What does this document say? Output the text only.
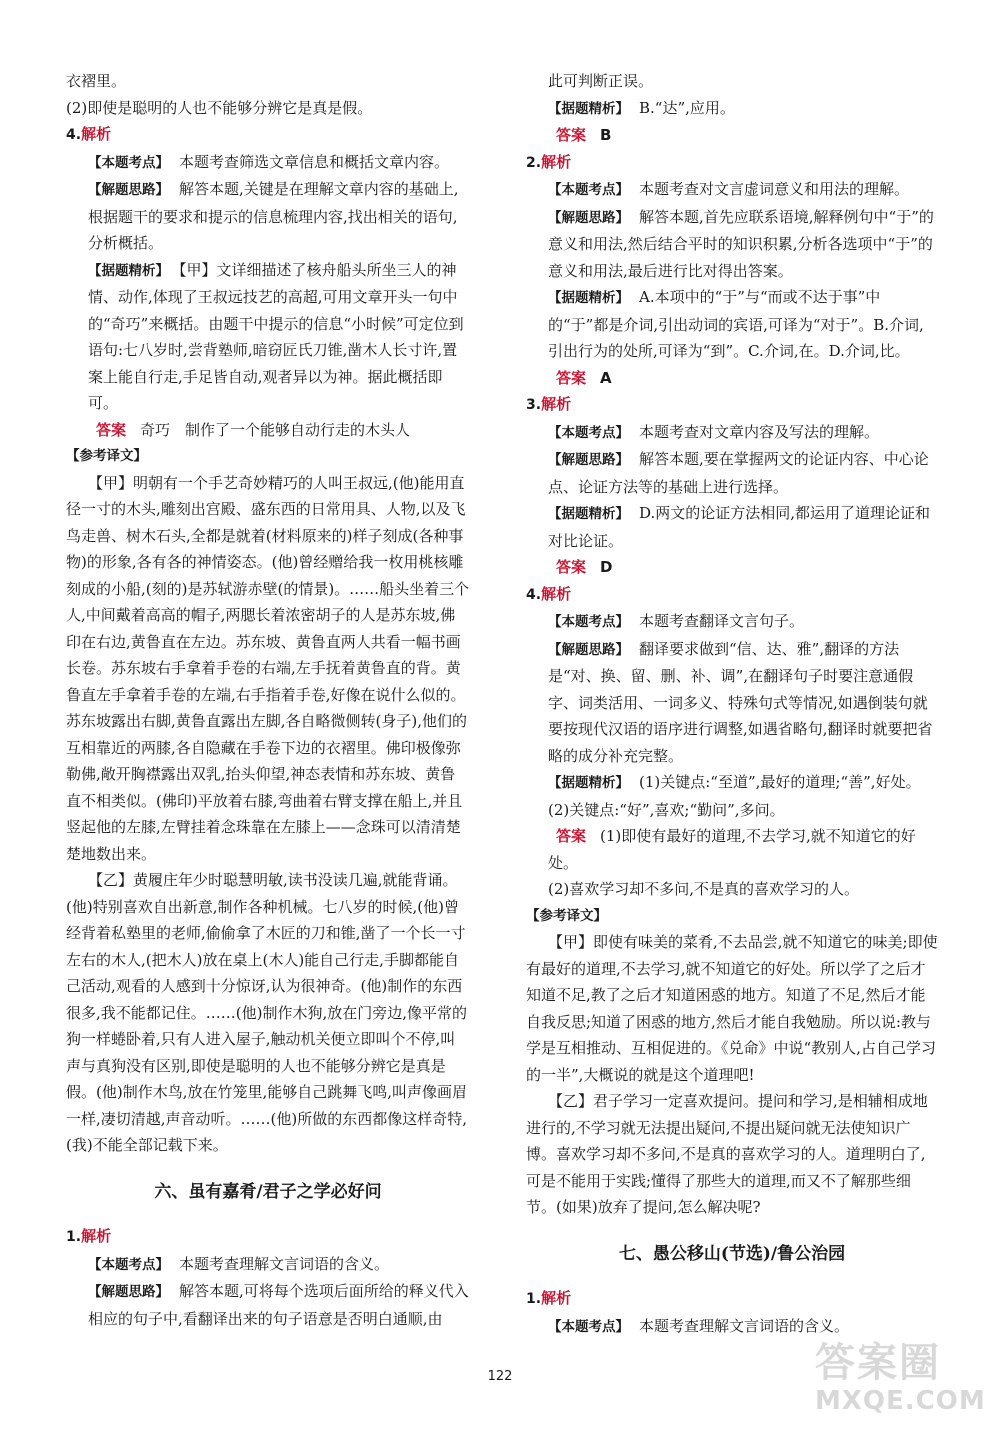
衣褶里。

(2)即使是聪明的人也不能够分辨它是真是假。

4.解析

【本题考点】 本题考查筛选文章信息和概括文章内容。

【解题思路】 解答本题,关键是在理解文章内容的基础上,根据题干的要求和提示的信息梳理内容,找出相关的语句,分析概括。

【据题精析】 【甲】文详细描述了核舟船头所坐三人的神情、动作,体现了王叔远技艺的高超,可用文章开头一句中的“奇巧”来概括。由题干中提示的信息“小时候”可定位到语句:七八岁时,尝背塾师,暗窃匠氏刀锥,凿木人长寸许,置案上能自行走,手足皆自动,观者异以为神。据此概括即可。

答案 奇巧　制作了一个能够自动行走的木头人

【参考译文】

【甲】明朝有一个手艺奇妙精巧的人叫王叔远,(他)能用直径一寸的木头,雕刻出宫殿、盛东西的日常用具、人物,以及飞鸟走兽、树木石头,全都是就着(材料原来的)样子刻成(各种事物)的形象,各有各的神情姿态。(他)曾经赠给我一枚用桃核雕刻成的小船,(刻的)是苏轼游赤壁(的情景)。……船头坐着三个人,中间戴着高高的帽子,两腮长着浓密胡子的人是苏东坡,佛印在右边,黄鲁直在左边。苏东坡、黄鲁直两人共看一幅书画长卷。苏东坡右手拿着手卷的右端,左手抚着黄鲁直的背。黄鲁直左手拿着手卷的左端,右手指着手卷,好像在说什么似的。苏东坡露出右脚,黄鲁直露出左脚,各自略微侧转(身子),他们的互相靠近的两膝,各自隐藏在手卷下边的衣褶里。佛印极像弥勒佛,敞开胸襟露出双乳,抬头仰望,神态表情和苏东坡、黄鲁直不相类似。(佛印)平放着右膝,弯曲着右臂支撑在船上,并且竖起他的左膝,左臂挂着念珠靠在左膝上——念珠可以清清楚楚地数出来。

【乙】黄履庄年少时聪慧明敏,读书没读几遍,就能背诵。(他)特别喜欢自出新意,制作各种机械。七八岁的时候,(他)曾经背着私塾里的老师,偷偷拿了木匠的刀和锥,凿了一个长一寸左右的木人,(把木人)放在桌上(木人)能自己行走,手脚都能自己活动,观看的人感到十分惊讶,认为很神奇。(他)制作的东西很多,我不能都记住。……(他)制作木狗,放在门旁边,像平常的狗一样蜷卧着,只有人进入屋子,触动机关便立即叫个不停,叫声与真狗没有区别,即使是聪明的人也不能够分辨它是真是假。(他)制作木鸟,放在竹笼里,能够自己跳舞飞鸣,叫声像画眉一样,凄切清越,声音动听。……(他)所做的东西都像这样奇特,(我)不能全部记载下来。

六、虽有嘉肴/君子之学必好问

1.解析

【本题考点】 本题考查理解文言词语的含义。

【解题思路】 解答本题,可将每个选项后面所给的释义代入相应的句子中,看翻译出来的句子语意是否明白通顺,由

此可判断正误。

【据题精析】 B.“达”,应用。

答案 B

2.解析

【本题考点】 本题考查对文言虚词意义和用法的理解。

【解题思路】 解答本题,首先应联系语境,解释例句中“于”的意义和用法,然后结合平时的知识积累,分析各选项中“于”的意义和用法,最后进行比对得出答案。

【据题精析】 A.本项中的“于”与“而或不达于事”中的“于”都是介词,引出动词的宾语,可译为“对于”。B.介词,引出行为的处所,可译为“到”。C.介词,在。D.介词,比。

答案 A

3.解析

【本题考点】 本题考查对文章内容及写法的理解。

【解题思路】 解答本题,要在掌握两文的论证内容、中心论点、论证方法等的基础上进行选择。

【据题精析】 D.两文的论证方法相同,都运用了道理论证和对比论证。

答案 D

4.解析

【本题考点】 本题考查翻译文言句子。

【解题思路】 翻译要求做到“信、达、雅”,翻译的方法是“对、换、留、删、补、调”,在翻译句子时要注意通假字、词类活用、一词多义、特殊句式等情况,如遇倒装句就要按现代汉语的语序进行调整,如遇省略句,翻译时就要把省略的成分补充完整。

【据题精析】 (1)关键点:“至道”,最好的道理;“善”,好处。

(2)关键点:“好”,喜欢;“勤问”,多问。

答案 (1)即使有最好的道理,不去学习,就不知道它的好处。

(2)喜欢学习却不多问,不是真的喜欢学习的人。

【参考译文】

【甲】即使有味美的菜肴,不去品尝,就不知道它的味美;即使有最好的道理,不去学习,就不知道它的好处。所以学了之后才知道不足,教了之后才知道困惑的地方。知道了不足,然后才能自我反思;知道了困惑的地方,然后才能自我勉励。所以说:教与学是互相推动、互相促进的。《兑命》中说“教别人,占自己学习的一半”,大概说的就是这个道理吧!

【乙】君子学习一定喜欢提问。提问和学习,是相辅相成地进行的,不学习就无法提出疑问,不提出疑问就无法使知识广博。喜欢学习却不多问,不是真的喜欢学习的人。道理明白了,可是不能用于实践;懂得了那些大的道理,而又不了解那些细节。(如果)放弃了提问,怎么解决呢?

七、愚公移山(节选)/鲁公治园

1.解析

【本题考点】 本题考查理解文言词语的含义。

122	答案圈
MXQE.COM
